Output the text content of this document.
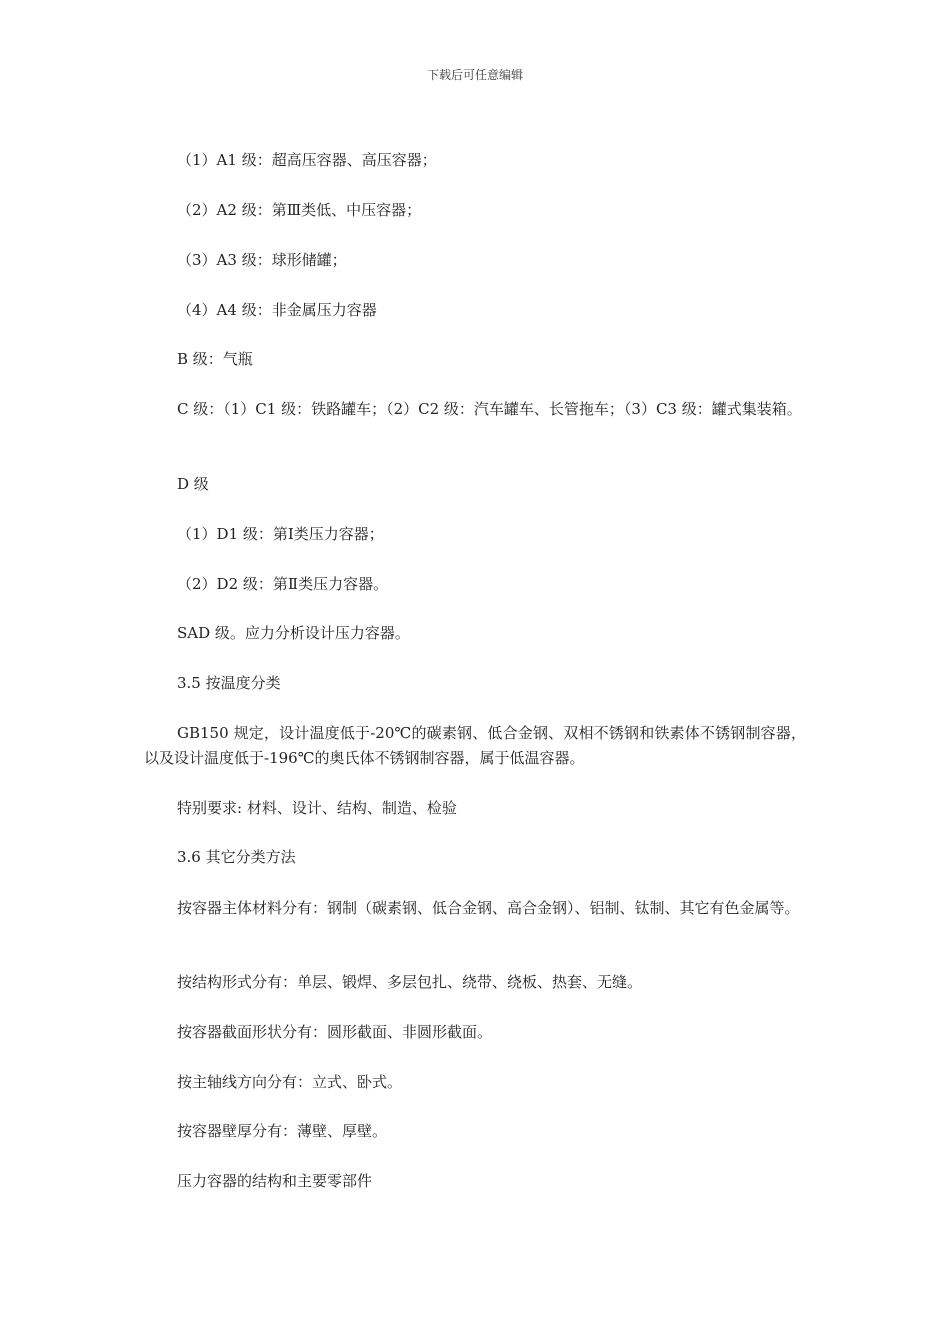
下载后可任意编辑
（1）A1 级：超高压容器、高压容器；
（2）A2 级：第Ⅲ类低、中压容器；
（3）A3 级：球形储罐；
（4）A4 级：非金属压力容器
B 级：气瓶
C 级：（1）C1 级：铁路罐车；（2）C2 级：汽车罐车、长管拖车；（3）C3 级：罐式集装箱。
D 级
（1）D1 级：第Ⅰ类压力容器；
（2）D2 级：第Ⅱ类压力容器。
SAD 级。应力分析设计压力容器。
3.5 按温度分类
GB150 规定，设计温度低于-20℃的碳素钢、低合金钢、双相不锈钢和铁素体不锈钢制容器，以及设计温度低于-196℃的奥氏体不锈钢制容器，属于低温容器。
特别要求: 材料、设计、结构、制造、检验
3.6 其它分类方法
按容器主体材料分有：钢制（碳素钢、低合金钢、高合金钢）、铝制、钛制、其它有色金属等。
按结构形式分有：单层、锻焊、多层包扎、绕带、绕板、热套、无缝。
按容器截面形状分有：圆形截面、非圆形截面。
按主轴线方向分有：立式、卧式。
按容器壁厚分有：薄壁、厚壁。
压力容器的结构和主要零部件
